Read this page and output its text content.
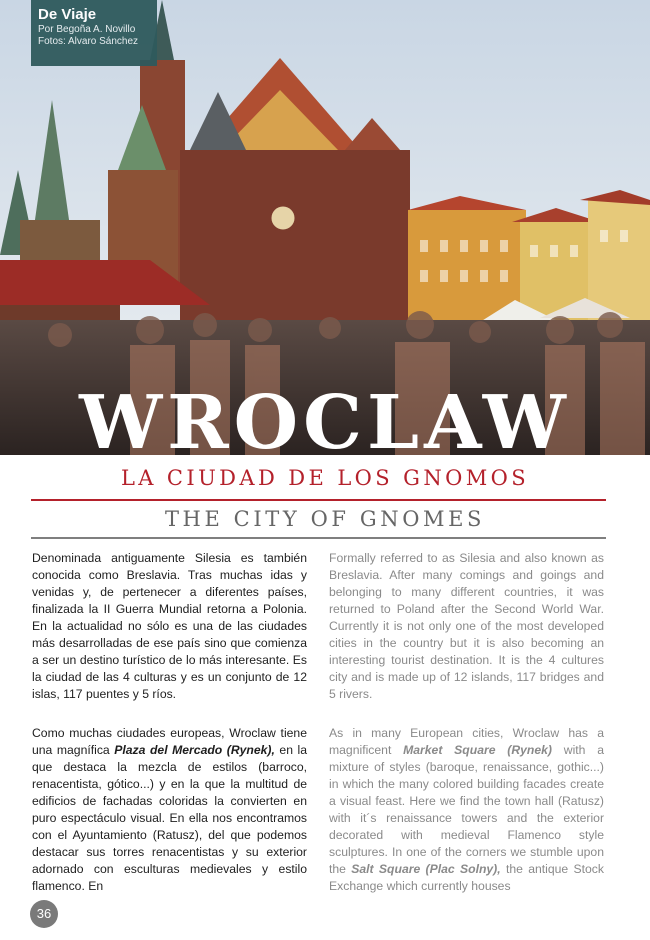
De Viaje
Por Begoña A. Novillo
Fotos: Alvaro Sánchez
WROCLAW
LA CIUDAD DE LOS GNOMOS
THE CITY OF GNOMES

Denominada antiguamente Silesia es también conocida como Breslavia. Tras muchas idas y venidas y, de pertenecer a diferentes países, finalizada la II Guerra Mundial retorna a Polonia. En la actualidad no sólo es una de las ciudades más desarrolladas de ese país sino que comienza a ser un destino turístico de lo más interesante. Es la ciudad de las 4 culturas y es un conjunto de 12 islas, 117 puentes y 5 ríos.

Como muchas ciudades europeas, Wroclaw tiene una magnífica Plaza del Mercado (Rynek), en la que destaca la mezcla de estilos (barroco, renacentista, gótico...) y en la que la multitud de edificios de fachadas coloridas la convierten en puro espectáculo visual. En ella nos encontramos con el Ayuntamiento (Ratusz), del que podemos destacar sus torres renacentistas y su exterior adornado con esculturas medievales y estilo flamenco. En

Formally referred to as Silesia and also known as Breslavia. After many comings and goings and belonging to many different countries, it was returned to Poland after the Second World War. Currently it is not only one of the most developed cities in the country but it is also becoming an interesting tourist destination. It is the 4 cultures city and is made up of 12 islands, 117 bridges and 5 rivers.

As in many European cities, Wroclaw has a magnificent Market Square (Rynek) with a mixture of styles (baroque, renaissance, gothic...) in which the many colored building facades create a visual feast. Here we find the town hall (Ratusz) with it´s renaissance towers and the exterior decorated with medieval Flamenco style sculptures. In one of the corners we stumble upon the Salt Square (Plac Solny), the antique Stock Exchange which currently houses

36
